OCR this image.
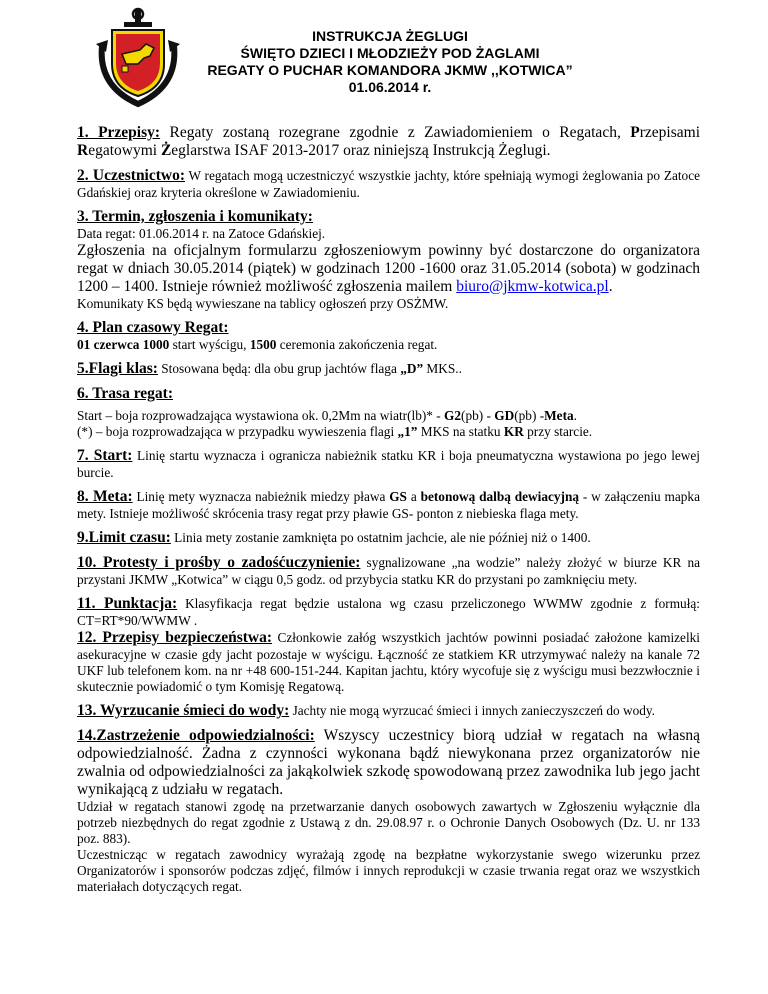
INSTRUKCJA ŻEGLUGI
ŚWIĘTO DZIECI I MŁODZIEŻY POD ŻAGLAMI
REGATY O PUCHAR KOMANDORA JKMW ,,KOTWICA”
01.06.2014 r.

1. Przepisy: Regaty zostaną rozegrane zgodnie z Zawiadomieniem o Regatach, Przepisami Regatowymi Żeglarstwa ISAF 2013-2017 oraz niniejszą Instrukcją Żeglugi.

2. Uczestnictwo: W regatach mogą uczestniczyć wszystkie jachty, które spełniają wymogi żeglowania po Zatoce Gdańskiej oraz kryteria określone w Zawiadomieniu.

3. Termin, zgłoszenia i komunikaty:

Data regat: 01.06.2014 r. na Zatoce Gdańskiej.

Zgłoszenia na oficjalnym formularzu zgłoszeniowym powinny być dostarczone do organizatora regat w dniach 30.05.2014 (piątek) w godzinach 1200 -1600 oraz 31.05.2014 (sobota) w godzinach 1200 – 1400. Istnieje również możliwość zgłoszenia mailem biuro@jkmw-kotwica.pl.

Komunikaty KS będą wywieszane na tablicy ogłoszeń przy OSŻMW.

4. Plan czasowy Regat:

01 czerwca 1000 start wyścigu, 1500 ceremonia zakończenia regat.

5.Flagi klas: Stosowana będą: dla obu grup jachtów flaga „D” MKS..

6. Trasa regat:

Start – boja rozprowadzająca wystawiona ok. 0,2Mm na wiatr(lb)* - G2(pb) - GD(pb) -Meta.

(*) – boja rozprowadzająca w przypadku wywieszenia flagi „1” MKS na statku KR przy starcie.

7. Start: Linię startu wyznacza i ogranicza nabieżnik statku KR i boja pneumatyczna wystawiona po jego lewej burcie.

8. Meta: Linię mety wyznacza nabieżnik miedzy pława GS a betonową dalbą dewiacyjną - w załączeniu mapka mety. Istnieje możliwość skrócenia trasy regat przy pławie GS- ponton z niebieska flaga mety.

9.Limit czasu: Linia mety zostanie zamknięta po ostatnim jachcie, ale nie później niż o 1400.

10. Protesty i prośby o zadośćuczynienie: sygnalizowane „na wodzie” należy złożyć w biurze KR na przystani JKMW „Kotwica” w ciągu 0,5 godz. od przybycia statku KR do przystani po zamknięciu mety.

11. Punktacja: Klasyfikacja regat będzie ustalona wg czasu przeliczonego WWMW zgodnie z formułą: CT=RT*90/WWMW .

12. Przepisy bezpieczeństwa: Członkowie załóg wszystkich jachtów powinni posiadać założone kamizelki asekuracyjne w czasie gdy jacht pozostaje w wyścigu. Łączność ze statkiem KR utrzymywać należy na kanale 72 UKF lub telefonem kom. na nr +48 600-151-244. Kapitan jachtu, który wycofuje się z wyścigu musi bezzwłocznie i skutecznie powiadomić o tym Komisję Regatową.

13. Wyrzucanie śmieci do wody: Jachty nie mogą wyrzucać śmieci i innych zanieczyszczeń do wody.

14.Zastrzeżenie odpowiedzialności: Wszyscy uczestnicy biorą udział w regatach na własną odpowiedzialność. Żadna z czynności wykonana bądź niewykonana przez organizatorów nie zwalnia od odpowiedzialności za jakąkolwiek szkodę spowodowaną przez zawodnika lub jego jacht wynikającą z udziału w regatach.

Udział w regatach stanowi zgodę na przetwarzanie danych osobowych zawartych w Zgłoszeniu wyłącznie dla potrzeb niezbędnych do regat zgodnie z Ustawą z dn. 29.08.97 r. o Ochronie Danych Osobowych (Dz. U. nr 133 poz. 883).

Uczestnicząc w regatach zawodnicy wyrażają zgodę na bezpłatne wykorzystanie swego wizerunku przez Organizatorów i sponsorów podczas zdjęć, filmów i innych reprodukcji w czasie trwania regat oraz we wszystkich materiałach dotyczących regat.
